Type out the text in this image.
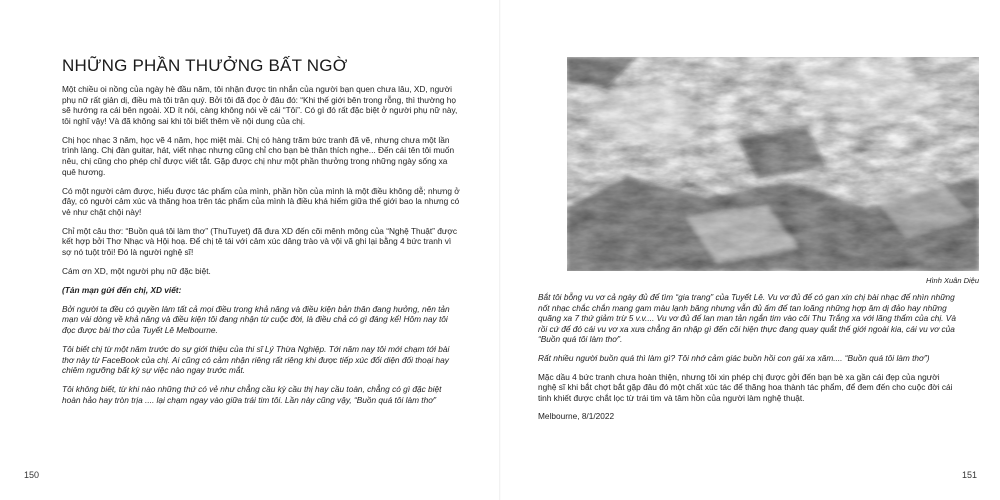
NHỮNG PHẦN THƯỞNG BẤT NGỜ

Một chiều oi nồng của ngày hè đầu năm, tôi nhận được tin nhắn của người bạn quen chưa lâu, XD, người phụ nữ rất giản dị, điều mà tôi trân quý. Bởi tôi đã đọc ở đâu đó: “Khi thế giới bên trong rỗng, thì thường họ sẽ hướng ra cái bên ngoài. XD ít nói, càng không nói về cái “Tôi”. Có gì đó rất đặc biệt ở người phụ nữ này, tôi nghĩ vậy! Và đã không sai khi tôi biết thêm về nội dung của chị.

Chị học nhạc 3 năm, học vẽ 4 năm, học miệt mài. Chị có hàng trăm bức tranh đã vẽ, nhưng chưa một lần trình làng. Chị đàn guitar, hát, viết nhạc nhưng cũng chỉ cho bạn bè thân thích nghe... Đến cái tên tôi muốn nêu, chị cũng cho phép chỉ được viết tắt. Gặp được chị như một phần thưởng trong những ngày sống xa quê hương.

Có một người cảm được, hiểu được tác phẩm của mình, phần hồn của mình là một điều không dễ; nhưng ở đây, có người cảm xúc và thăng hoa trên tác phẩm của mình là điều khá hiếm giữa thế giới bao la nhưng có vẻ như chật chội này!

Chỉ một câu thơ: “Buồn quá tôi làm thơ” (ThuTuyet) đã đưa XD đến cõi mênh mông của “Nghệ Thuật” được kết hợp bởi Thơ Nhạc và Hội hoạ. Để chị tê tái với cảm xúc dâng trào và vội vã ghi lại bằng 4 bức tranh vì sợ nó tuột trôi! Đó là người nghệ sĩ!

Cám ơn XD, một người phụ nữ đặc biệt.

(Tản mạn gửi đến chị, XD viết:

Bởi người ta đều có quyền làm tất cả mọi điều trong khả năng và điều kiện bản thân đang hưởng, nên tản mạn vài dòng về khả năng và điều kiện tôi đang nhận từ cuộc đời, là điều chả có gì đáng kể! Hôm nay tôi đọc được bài thơ của Tuyết Lê Melbourne.

Tôi biết chị từ một năm trước do sự giới thiệu của thi sĩ Lý Thừa Nghiệp. Tới năm nay tôi mới chạm tới bài thơ này từ FaceBook của chị. Ai cũng có cảm nhận riêng rất riêng khi được tiếp xúc đối diện đối thoại hay chiêm ngưỡng bất kỳ sự việc nào ngay trước mắt.

Tôi không biết, từ khi nào những thứ có vẻ như chẳng cầu kỳ cầu thị hay cầu toàn, chẳng có gì đặc biệt hoàn hảo hay tròn trịa .... lại chạm ngay vào giữa trái tim tôi. Lần này cũng vậy, “Buồn quá tôi làm thơ”

150
Hình Xuân Diệu

Bắt tôi bỗng vu vơ cả ngày đủ để tìm “gia trang” của Tuyết Lê. Vu vơ đủ để có gan xin chị bài nhạc để nhìn những nốt nhạc chắc chắn mang gam màu lạnh băng nhưng vẫn đủ ấm để tan loãng những hợp âm dị đảo hay những quãng xa 7 thứ giảm trừ 5 v.v.... Vu vơ đủ để lan man tản ngắn tim vào cõi Thu Trắng xa với lãng thẩm của chị. Và rồi cứ để đó cái vu vơ xa xưa chẳng ăn nhập gì đến cõi hiện thực đang quay quắt thế giới ngoài kia, cái vu vơ của “Buồn quá tôi làm thơ”.

Rất nhiều người buồn quá thì làm gì? Tôi nhớ cảm giác buồn hồi con gái xa xăm.... “Buồn quá tôi làm thơ”)

Mặc dầu 4 bức tranh chưa hoàn thiện, nhưng tôi xin phép chị được gởi đến bạn bè xa gần cái đẹp của người nghệ sĩ khi bắt chợt bắt gặp đâu đó một chất xúc tác để thăng hoa thành tác phẩm, để đem đến cho cuộc đời cái tinh khiết được chắt lọc từ trái tim và tâm hồn của người làm nghệ thuật.

Melbourne, 8/1/2022

151
